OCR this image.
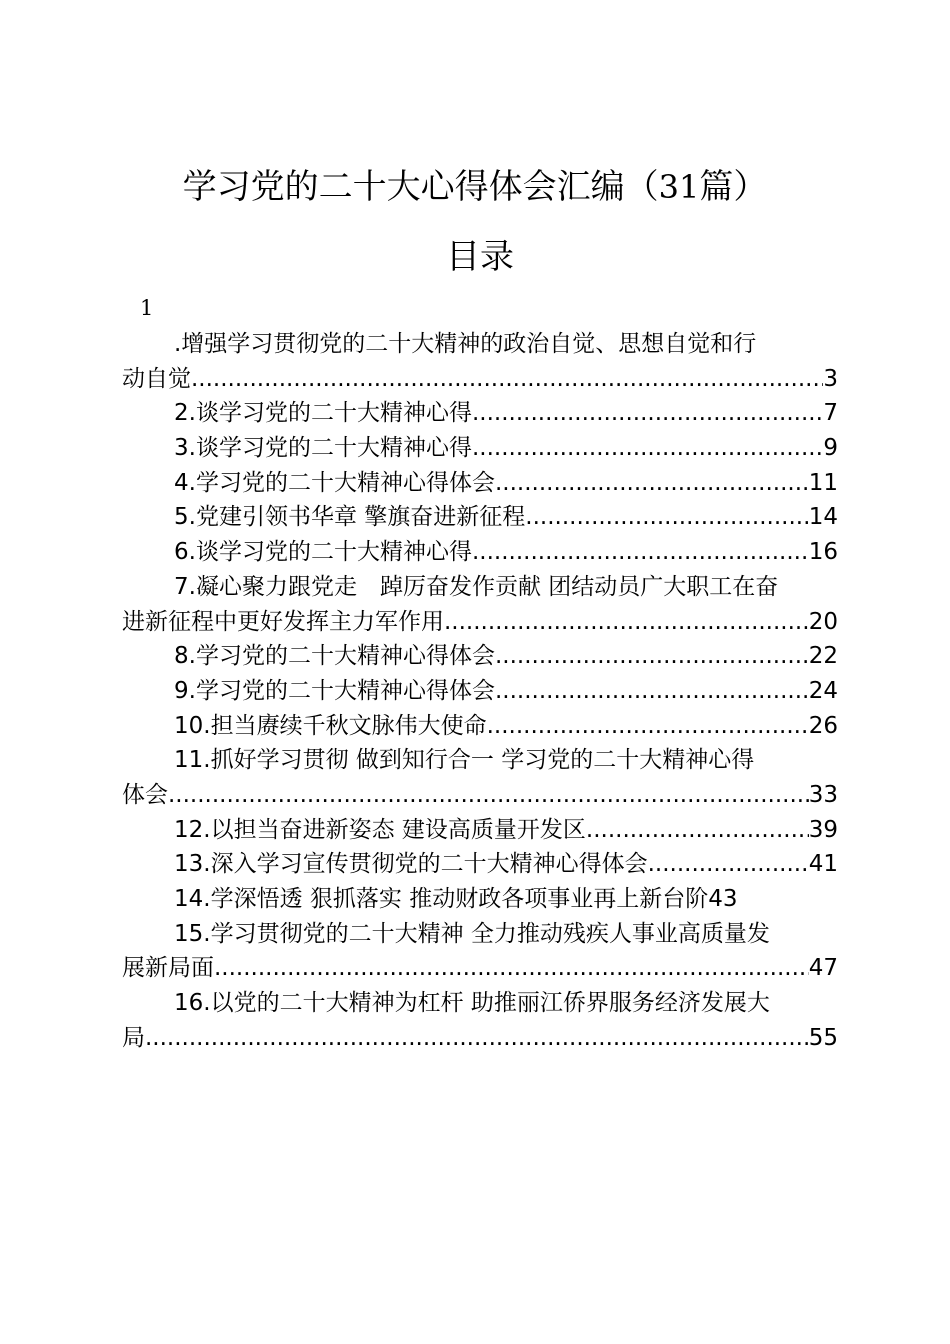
学习党的二十大心得体会汇编（31篇）
目录
1
.增强学习贯彻党的二十大精神的政治自觉、思想自觉和行
动自觉 .....	3
2.谈学习党的二十大精神心得 .....	7
3.谈学习党的二十大精神心得 .....	9
4.学习党的二十大精神心得体会 .....	11
5.党建引领书华章 擎旗奋进新征程 .....	14
6.谈学习党的二十大精神心得 .....	16
7.凝心聚力跟党走　踔厉奋发作贡献 团结动员广大职工在奋
进新征程中更好发挥主力军作用 .....	20
8.学习党的二十大精神心得体会 .....	22
9.学习党的二十大精神心得体会 .....	24
10.担当赓续千秋文脉伟大使命 .....	26
11.抓好学习贯彻 做到知行合一 学习党的二十大精神心得
体会 .....	33
12.以担当奋进新姿态 建设高质量开发区 .....	39
13.深入学习宣传贯彻党的二十大精神心得体会 .....	41
14.学深悟透 狠抓落实 推动财政各项事业再上新台阶 43
15.学习贯彻党的二十大精神 全力推动残疾人事业高质量发
展新局面 .....	47
16.以党的二十大精神为杠杆 助推丽江侨界服务经济发展大
局 .....	55
